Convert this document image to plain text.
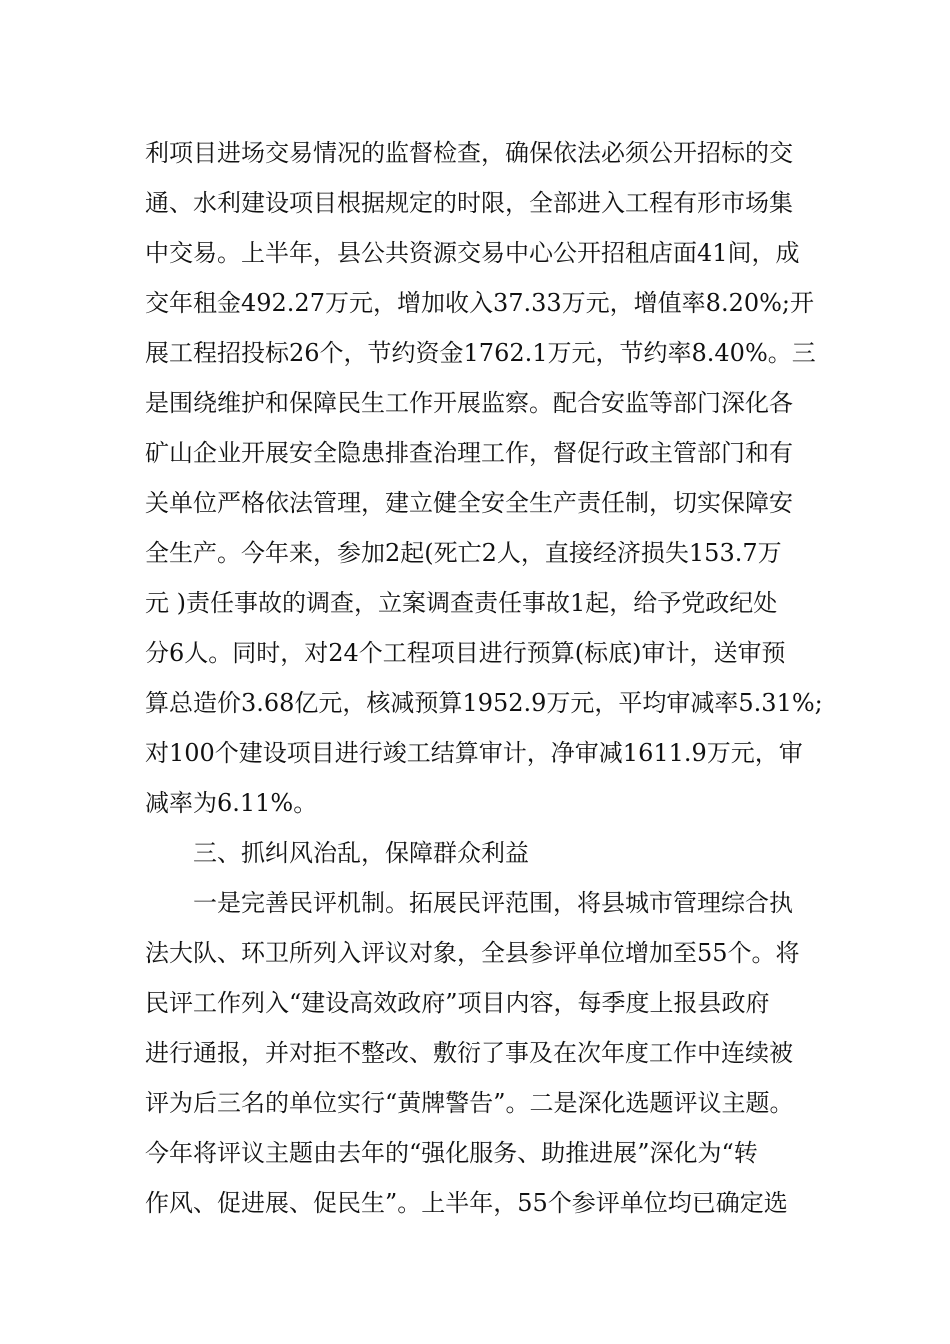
利项目进场交易情况的监督检查，确保依法必须公开招标的交
通、水利建设项目根据规定的时限，全部进入工程有形市场集
中交易。上半年，县公共资源交易中心公开招租店面41间，成
交年租金492.27万元，增加收入37.33万元，增值率8.20%;开
展工程招投标26个，节约资金1762.1万元，节约率8.40%。三
是围绕维护和保障民生工作开展监察。配合安监等部门深化各
矿山企业开展安全隐患排查治理工作，督促行政主管部门和有
关单位严格依法管理，建立健全安全生产责任制，切实保障安
全生产。今年来，参加2起(死亡2人，直接经济损失153.7万
元 )责任事故的调查，立案调查责任事故1起，给予党政纪处
分6人。同时，对24个工程项目进行预算(标底)审计，送审预
算总造价3.68亿元，核减预算1952.9万元，平均审减率5.31%;
对100个建设项目进行竣工结算审计，净审减1611.9万元，审
减率为6.11%。
三、抓纠风治乱，保障群众利益
一是完善民评机制。拓展民评范围，将县城市管理综合执
法大队、环卫所列入评议对象，全县参评单位增加至55个。将
民评工作列入“建设高效政府”项目内容，每季度上报县政府
进行通报，并对拒不整改、敷衍了事及在次年度工作中连续被
评为后三名的单位实行“黄牌警告”。二是深化选题评议主题。
今年将评议主题由去年的“强化服务、助推进展”深化为“转
作风、促进展、促民生”。上半年，55个参评单位均已确定选
